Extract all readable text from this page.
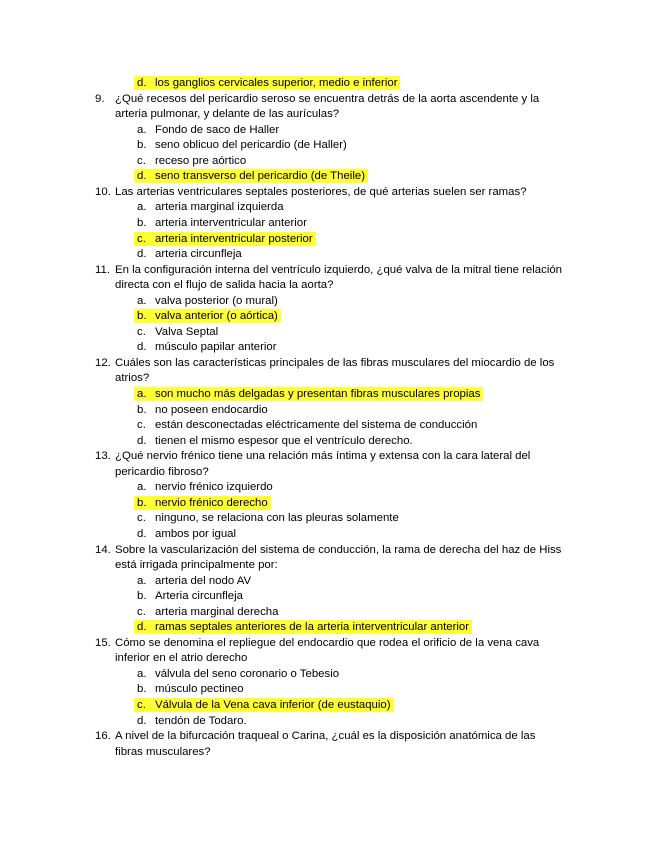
d. los ganglios cervicales superior, medio e inferior
9. ¿Qué recesos del pericardio seroso se encuentra detrás de la aorta ascendente y la
arteria pulmonar, y delante de las aurículas?
a. Fondo de saco de Haller
b. seno oblicuo del pericardio (de Haller)
c. receso pre aórtico
d. seno transverso del pericardio (de Theile)
10. Las arterias ventriculares septales posteriores, de qué arterias suelen ser ramas?
a. arteria marginal izquierda
b. arteria interventricular anterior
c. arteria interventricular posterior
d. arteria circunfleja
11. En la configuración interna del ventrículo izquierdo, ¿qué valva de la mitral tiene relación
directa con el flujo de salida hacia la aorta?
a. valva posterior (o mural)
b. valva anterior (o aórtica)
c. Valva Septal
d. músculo papilar anterior
12. Cuáles son las características principales de las fibras musculares del miocardio de los
atrios?
a. son mucho más delgadas y presentan fibras musculares propias
b. no poseen endocardio
c. están desconectadas eléctricamente del sistema de conducción
d. tienen el mismo espesor que el ventrículo derecho.
13. ¿Qué nervio frénico tiene una relación más íntima y extensa con la cara lateral del
pericardio fibroso?
a. nervio frénico izquierdo
b. nervio frénico derecho
c. ninguno, se relaciona con las pleuras solamente
d. ambos por igual
14. Sobre la vascularización del sistema de conducción, la rama de derecha del haz de Hiss
está irrigada principalmente por:
a. arteria del nodo AV
b. Arteria circunfleja
c. arteria marginal derecha
d. ramas septales anteriores de la arteria interventricular anterior
15. Cómo se denomina el repliegue del endocardio que rodea el orificio de la vena cava
inferior en el atrio derecho
a. válvula del seno coronario o Tebesio
b. músculo pectineo
c. Válvula de la Vena cava inferior (de eustaquio)
d. tendón de Todaro.
16. A nivel de la bifurcación traqueal o Carina, ¿cuál es la disposición anatómica de las
fibras musculares?
